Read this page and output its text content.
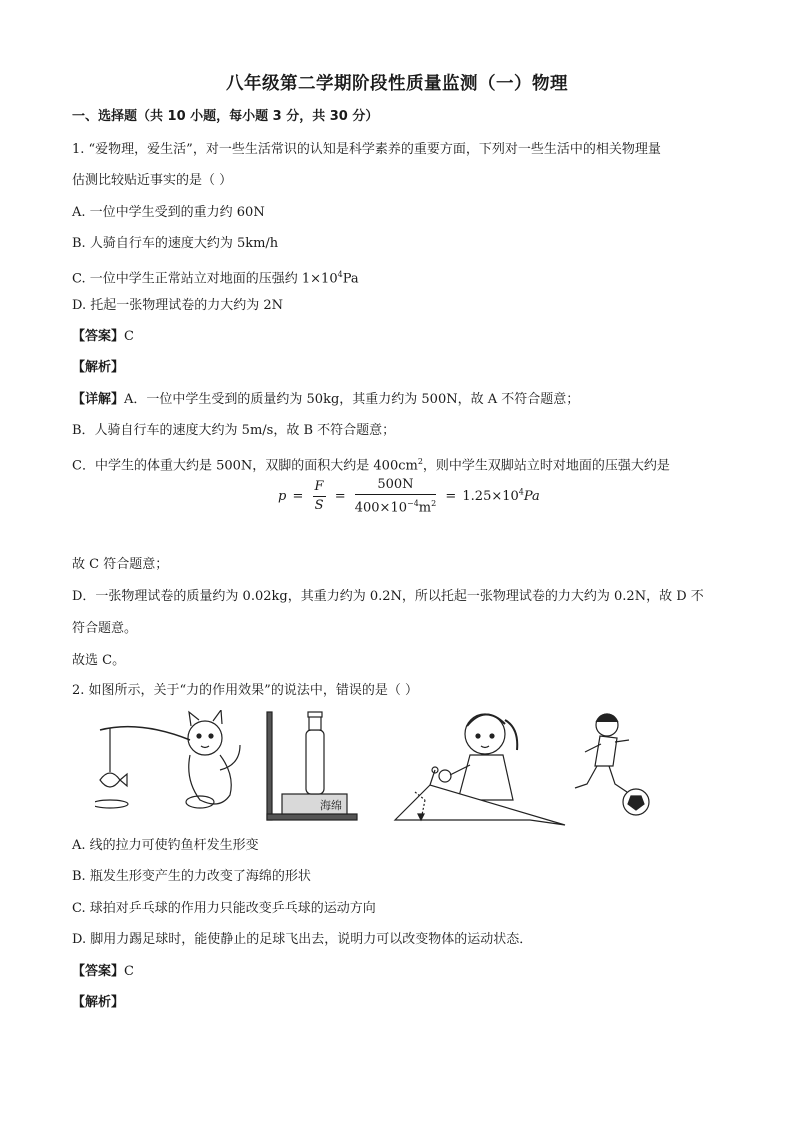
八年级第二学期阶段性质量监测（一）物理
一、选择题（共 10 小题，每小题 3 分，共 30 分）
1. “爱物理，爱生活”，对一些生活常识的认知是科学素养的重要方面，下列对一些生活中的相关物理量
估测比较贴近事实的是（ ）
A. 一位中学生受到的重力约 60N
B. 人骑自行车的速度大约为 5km/h
C. 一位中学生正常站立对地面的压强约 $1\times 10^4Pa$
D. 托起一张物理试卷的力大约为 2N
【答案】C
【解析】
【详解】A．一位中学生受到的质量约为 50kg，其重力约为 500N，故 A 不符合题意；
B．人骑自行车的速度大约为 5m/s，故 B 不符合题意；
C．中学生的体重大约是 500N，双脚的面积大约是 $400cm^2$，则中学生双脚站立时对地面的压强大约是
$p = \frac{F}{S} = \frac{500N}{400\times 10^{-4}m^2} = 1.25\times 10^4Pa$
故 C 符合题意；
D．一张物理试卷的质量约为 0.02kg，其重力约为 0.2N，所以托起一张物理试卷的力大约为 0.2N，故 D 不
符合题意。
故选 C。
2. 如图所示，关于“力的作用效果”的说法中，错误的是（ ）
海绵
A. 线的拉力可使钓鱼杆发生形变
B. 瓶发生形变产生的力改变了海绵的形状
C. 球拍对乒乓球的作用力只能改变乒乓球的运动方向
D. 脚用力踢足球时，能使静止的足球飞出去，说明力可以改变物体的运动状态．
【答案】C
【解析】
